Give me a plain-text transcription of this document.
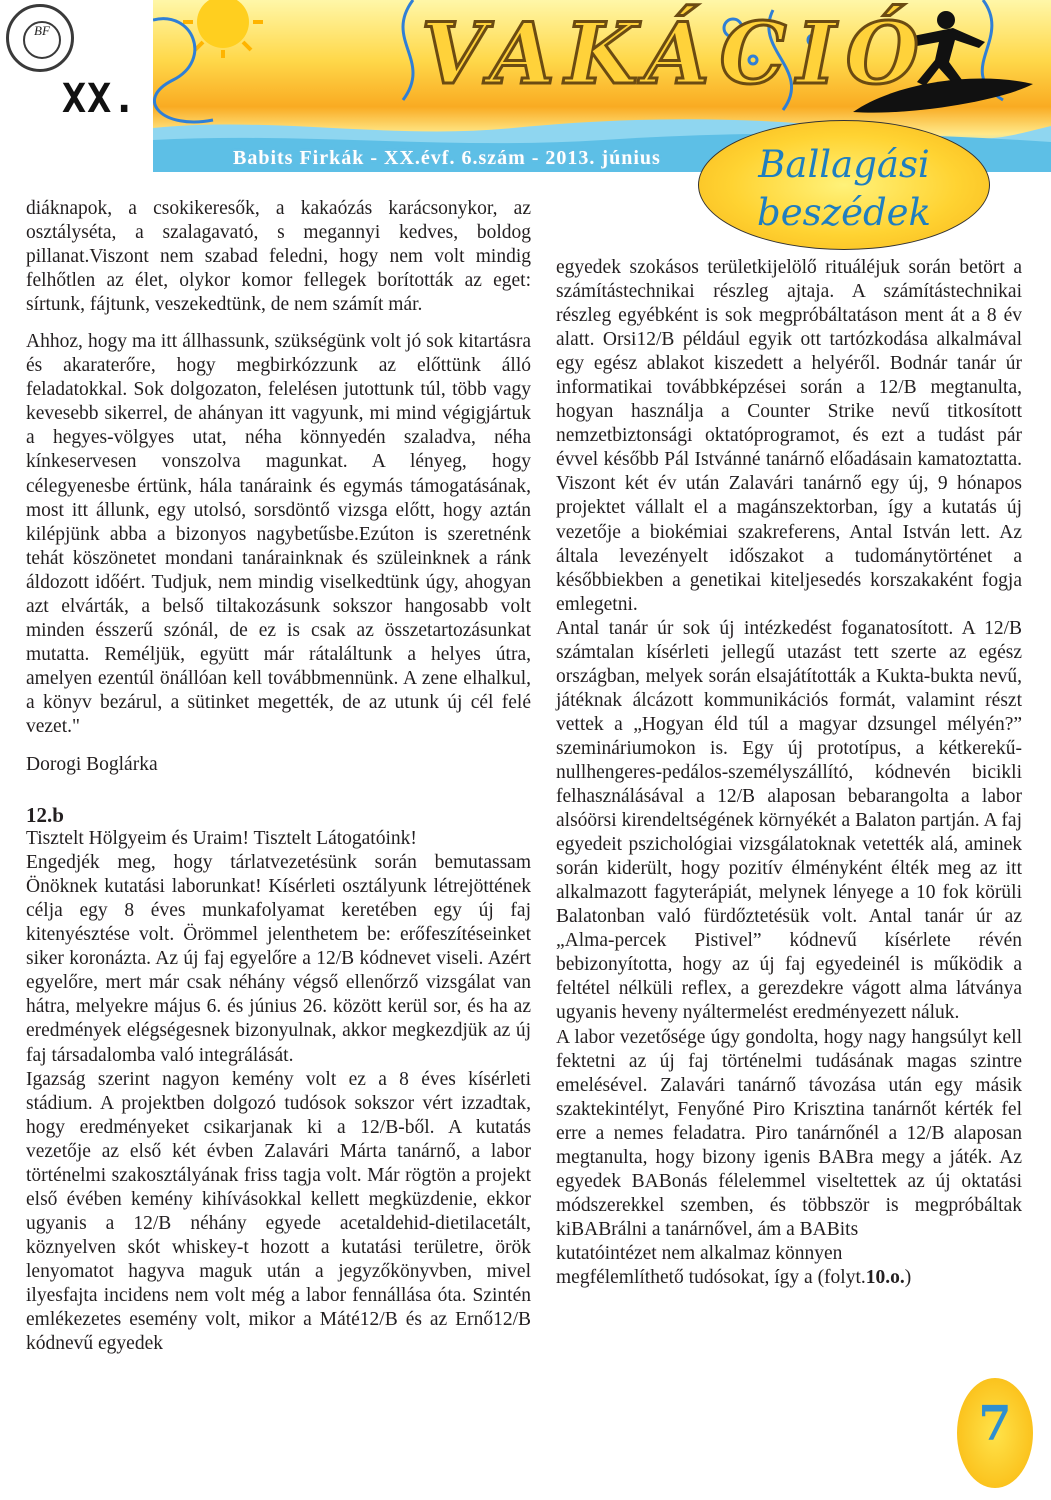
BF
XX.	VAKÁCIÓ
Babits Firkák - XX.évf. 6.szám - 2013. június	Ballagási
beszédek

diáknapok, a csokikeresők, a kakaózás karácsonykor, az osztályséta, a szalagavató, s megannyi kedves, boldog pillanat.Viszont nem szabad feledni, hogy nem volt mindig felhőtlen az élet, olykor komor fellegek borították az eget: sírtunk, fájtunk, veszekedtünk, de nem számít már.

Ahhoz, hogy ma itt állhassunk, szükségünk volt jó sok kitartásra és akaraterőre, hogy megbirkózzunk az előttünk álló feladatokkal. Sok dolgozaton, felelésen jutottunk túl, több vagy kevesebb sikerrel, de ahányan itt vagyunk, mi mind végigjártuk a hegyes-völgyes utat, néha könnyedén szaladva, néha kínkeservesen vonszolva magunkat. A lényeg, hogy célegyenesbe értünk, hála tanáraink és egymás támogatásának, most itt állunk, egy utolsó, sorsdöntő vizsga előtt, hogy aztán kilépjünk abba a bizonyos nagybetűsbe.Ezúton is szeretnénk tehát köszönetet mondani tanárainknak és szüleinknek a ránk áldozott időért. Tudjuk, nem mindig viselkedtünk úgy, ahogyan azt elvárták, a belső tiltakozásunk sokszor hangosabb volt minden ésszerű szónál, de ez is csak az összetartozásunkat mutatta. Reméljük, együtt már rátaláltunk a helyes útra, amelyen ezentúl önállóan kell továbbmennünk. A zene elhalkul, a könyv bezárul, a sütinket megették, de az utunk új cél felé vezet."

Dorogi Boglárka

12.b

Tisztelt Hölgyeim és Uraim! Tisztelt Látogatóink!

Engedjék meg, hogy tárlatvezetésünk során bemutassam Önöknek kutatási laborunkat! Kísérleti osztályunk létrejöttének célja egy 8 éves munkafolyamat keretében egy új faj kitenyésztése volt. Örömmel jelenthetem be: erőfeszítéseinket siker koronázta. Az új faj egyelőre a 12/B kódnevet viseli. Azért egyelőre, mert már csak néhány végső ellenőrző vizsgálat van hátra, melyekre május 6. és június 26. között kerül sor, és ha az eredmények elégségesnek bizonyulnak, akkor megkezdjük az új faj társadalomba való integrálását.

Igazság szerint nagyon kemény volt ez a 8 éves kísérleti stádium. A projektben dolgozó tudósok sokszor vért izzadtak, hogy eredményeket csikarjanak ki a 12/B-ből. A kutatás vezetője az első két évben Zalavári Márta tanárnő, a labor történelmi szakosztályának friss tagja volt. Már rögtön a projekt első évében kemény kihívásokkal kellett megküzdenie, ekkor ugyanis a 12/B néhány egyede acetaldehid-dietilacetált, köznyelven skót whiskey-t hozott a kutatási területre, örök lenyomatot hagyva maguk után a jegyzőkönyvben, mivel ilyesfajta incidens nem volt még a labor fennállása óta. Szintén emlékezetes esemény volt, mikor a Máté12/B és az Ernő12/B kódnevű egyedek

egyedek szokásos területkijelölő rituáléjuk során betört a számítástechnikai részleg ajtaja. A számítástechnikai részleg egyébként is sok megpróbáltatáson ment át a 8 év alatt. Orsi12/B például egyik ott tartózkodása alkalmával egy egész ablakot kiszedett a helyéről. Bodnár tanár úr informatikai továbbképzései során a 12/B megtanulta, hogyan használja a Counter Strike nevű titkosított nemzetbiztonsági oktatóprogramot, és ezt a tudást pár évvel később Pál Istvánné tanárnő előadásain kamatoztatta. Viszont két év után Zalavári tanárnő egy új, 9 hónapos projektet vállalt el a magánszektorban, így a kutatás új vezetője a biokémiai szakreferens, Antal István lett. Az általa levezényelt időszakot a tudománytörténet a későbbiekben a genetikai kiteljesedés korszakaként fogja emlegetni.

Antal tanár úr sok új intézkedést foganatosított. A 12/B számtalan kísérleti jellegű utazást tett szerte az egész országban, melyek során elsajátították a Kukta-bukta nevű, játéknak álcázott kommunikációs formát, valamint részt vettek a „Hogyan éld túl a magyar dzsungel mélyén?” szemináriumokon is. Egy új prototípus, a kétkerekű-nullhengeres-pedálos-személyszállító, kódnevén bicikli felhasználásával a 12/B alaposan bebarangolta a labor alsóörsi kirendeltségének környékét a Balaton partján. A faj egyedeit pszichológiai vizsgálatoknak vetették alá, aminek során kiderült, hogy pozitív élményként élték meg az itt alkalmazott fagyterápiát, melynek lényege a 10 fok körüli Balatonban való fürdőztetésük volt. Antal tanár úr az „Alma-percek Pistivel” kódnevű kísérlete révén bebizonyította, hogy az új faj egyedeinél is működik a feltétel nélküli reflex, a gerezdekre vágott alma látványa ugyanis heveny nyáltermelést eredményezett náluk.

A labor vezetősége úgy gondolta, hogy nagy hangsúlyt kell fektetni az új faj történelmi tudásának magas szintre emelésével. Zalavári tanárnő távozása után egy másik szaktekintélyt, Fenyőné Piro Krisztina tanárnőt kérték fel erre a nemes feladatra. Piro tanárnőnél a 12/B alaposan megtanulta, hogy bizony igenis BABra megy a játék. Az egyedek BABonás félelemmel viseltettek az új oktatási módszerekkel szemben, és többször is megpróbáltak kiBABrálni a tanárnővel, ám a BABits

kutatóintézet nem alkalmaz könnyen
megfélemlíthető tudósokat, így a (folyt.10.o.)

7
